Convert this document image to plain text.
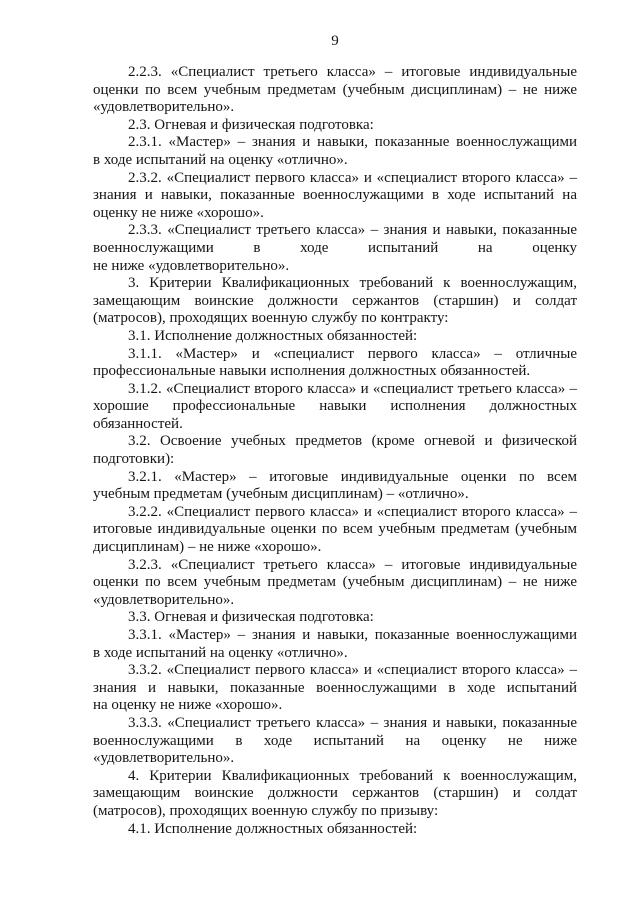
9
2.2.3. «Специалист третьего класса» – итоговые индивидуальные
оценки по всем учебным предметам (учебным дисциплинам) – не ниже
«удовлетворительно».
2.3. Огневая и физическая подготовка:
2.3.1. «Мастер» – знания и навыки, показанные военнослужащими
в ходе испытаний на оценку «отлично».
2.3.2. «Специалист первого класса» и «специалист второго класса» –
знания и навыки, показанные военнослужащими в ходе испытаний на
оценку не ниже «хорошо».
2.3.3. «Специалист третьего класса» – знания и навыки, показанные
военнослужащими в ходе испытаний на оценку
не ниже «удовлетворительно».
3. Критерии Квалификационных требований к военнослужащим,
замещающим воинские должности сержантов (старшин) и солдат
(матросов), проходящих военную службу по контракту:
3.1. Исполнение должностных обязанностей:
3.1.1. «Мастер» и «специалист первого класса» – отличные
профессиональные навыки исполнения должностных обязанностей.
3.1.2. «Специалист второго класса» и «специалист третьего класса» –
хорошие профессиональные навыки исполнения должностных
обязанностей.
3.2. Освоение учебных предметов (кроме огневой и физической
подготовки):
3.2.1. «Мастер» – итоговые индивидуальные оценки по всем
учебным предметам (учебным дисциплинам) – «отлично».
3.2.2. «Специалист первого класса» и «специалист второго класса» –
итоговые индивидуальные оценки по всем учебным предметам (учебным
дисциплинам) – не ниже «хорошо».
3.2.3. «Специалист третьего класса» – итоговые индивидуальные
оценки по всем учебным предметам (учебным дисциплинам) – не ниже
«удовлетворительно».
3.3. Огневая и физическая подготовка:
3.3.1. «Мастер» – знания и навыки, показанные военнослужащими
в ходе испытаний на оценку «отлично».
3.3.2. «Специалист первого класса» и «специалист второго класса» –
знания и навыки, показанные военнослужащими в ходе испытаний
на оценку не ниже «хорошо».
3.3.3. «Специалист третьего класса» – знания и навыки, показанные
военнослужащими в ходе испытаний на оценку не ниже
«удовлетворительно».
4. Критерии Квалификационных требований к военнослужащим,
замещающим воинские должности сержантов (старшин) и солдат
(матросов), проходящих военную службу по призыву:
4.1. Исполнение должностных обязанностей:
